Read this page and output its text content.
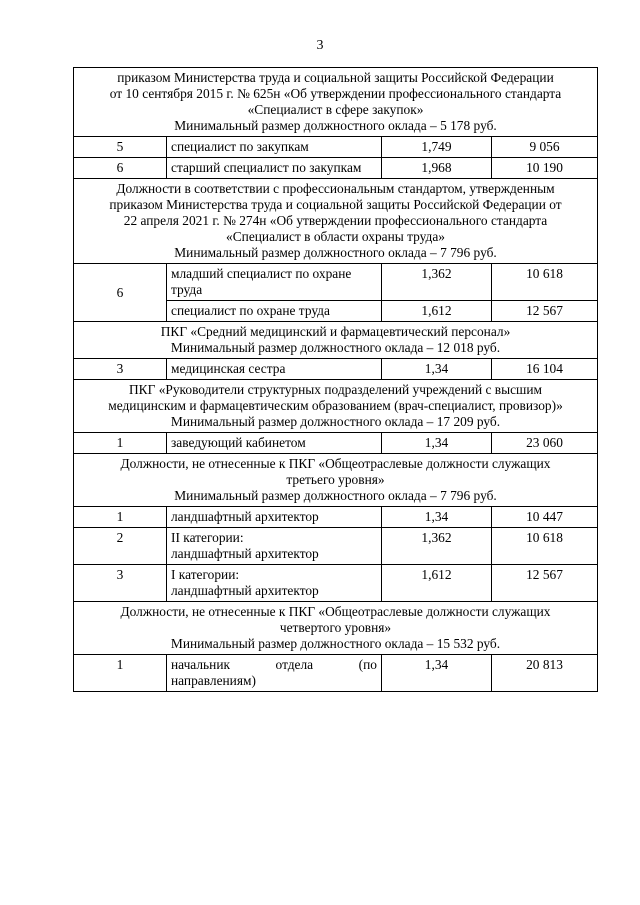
3
приказом Министерства труда и социальной защиты Российской Федерации
от 10 сентября 2015 г. № 625н «Об утверждении профессионального стандарта
«Специалист в сфере закупок»
Минимальный размер должностного оклада – 5 178 руб.			

5	специалист по закупкам	1,749	9 056
6	старший специалист по закупкам	1,968	10 190

Должности в соответствии с профессиональным стандартом, утвержденным
приказом Министерства труда и социальной защиты Российской Федерации от
22 апреля 2021 г. № 274н «Об утверждении профессионального стандарта
«Специалист в области охраны труда»
Минимальный размер должностного оклада – 7 796 руб.			

6	младший специалист по охране труда	1,362	10 618
	специалист по охране труда	1,612	12 567

ПКГ «Средний медицинский и фармацевтический персонал»
Минимальный размер должностного оклада – 12 018 руб.			

3	медицинская сестра	1,34	16 104

ПКГ «Руководители структурных подразделений учреждений с высшим
медицинским и фармацевтическим образованием (врач-специалист, провизор)»
Минимальный размер должностного оклада – 17 209 руб.			

1	заведующий кабинетом	1,34	23 060

Должности, не отнесенные к ПКГ «Общеотраслевые должности служащих
третьего уровня»
Минимальный размер должностного оклада – 7 796 руб.			

1	ландшафтный архитектор	1,34	10 447
2	II категории:
ландшафтный архитектор	1,362	10 618
3	I категории:
ландшафтный архитектор	1,612	12 567

Должности, не отнесенные к ПКГ «Общеотраслевые должности служащих
четвертого уровня»
Минимальный размер должностного оклада – 15 532 руб.			

1	начальник отдела (по направлениям)	1,34	20 813
